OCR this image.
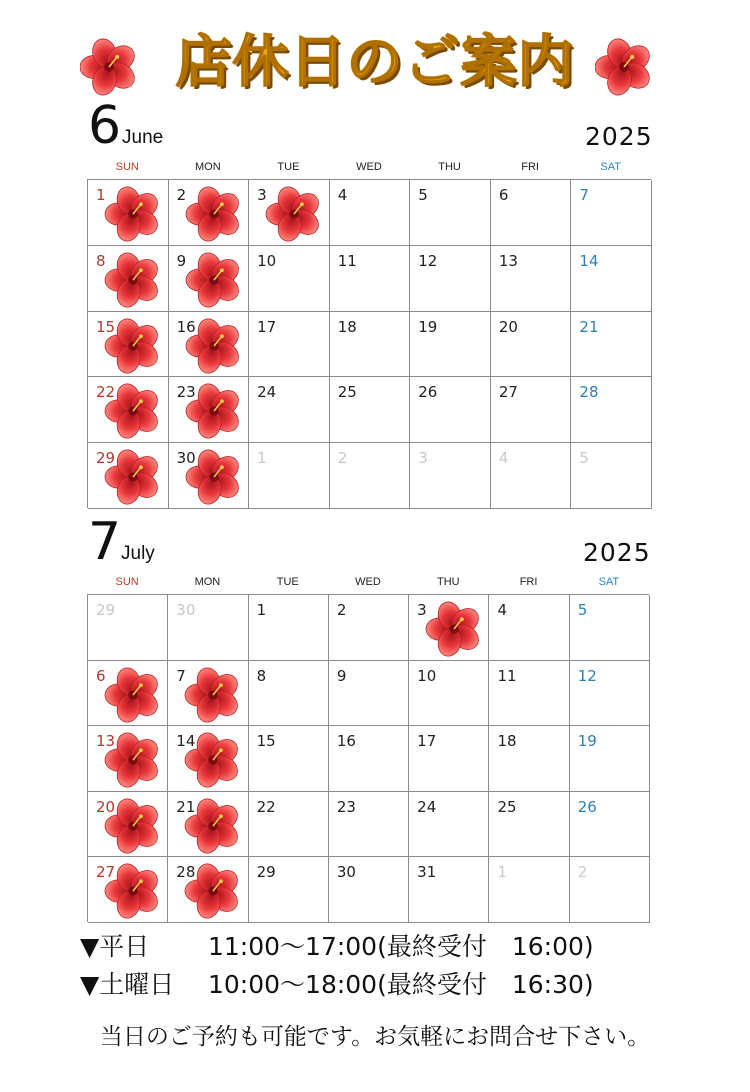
店休日のご案内
6 June	2025
SUN	MON	TUE	WED	THU	FRI	SAT
1	2	3	4	5	6	7
8	9	10	11	12	13	14
15	16	17	18	19	20	21
22	23	24	25	26	27	28
29	30	1	2	3	4	5
7 July	2025
SUN	MON	TUE	WED	THU	FRI	SAT
29	30	1	2	3	4	5
6	7	8	9	10	11	12
13	14	15	16	17	18	19
20	21	22	23	24	25	26
27	28	29	30	31	1	2
▼平日 11:00～17:00(最終受付　16:00)
▼土曜日 10:00～18:00(最終受付　16:30)
当日のご予約も可能です。お気軽にお問合せ下さい。
